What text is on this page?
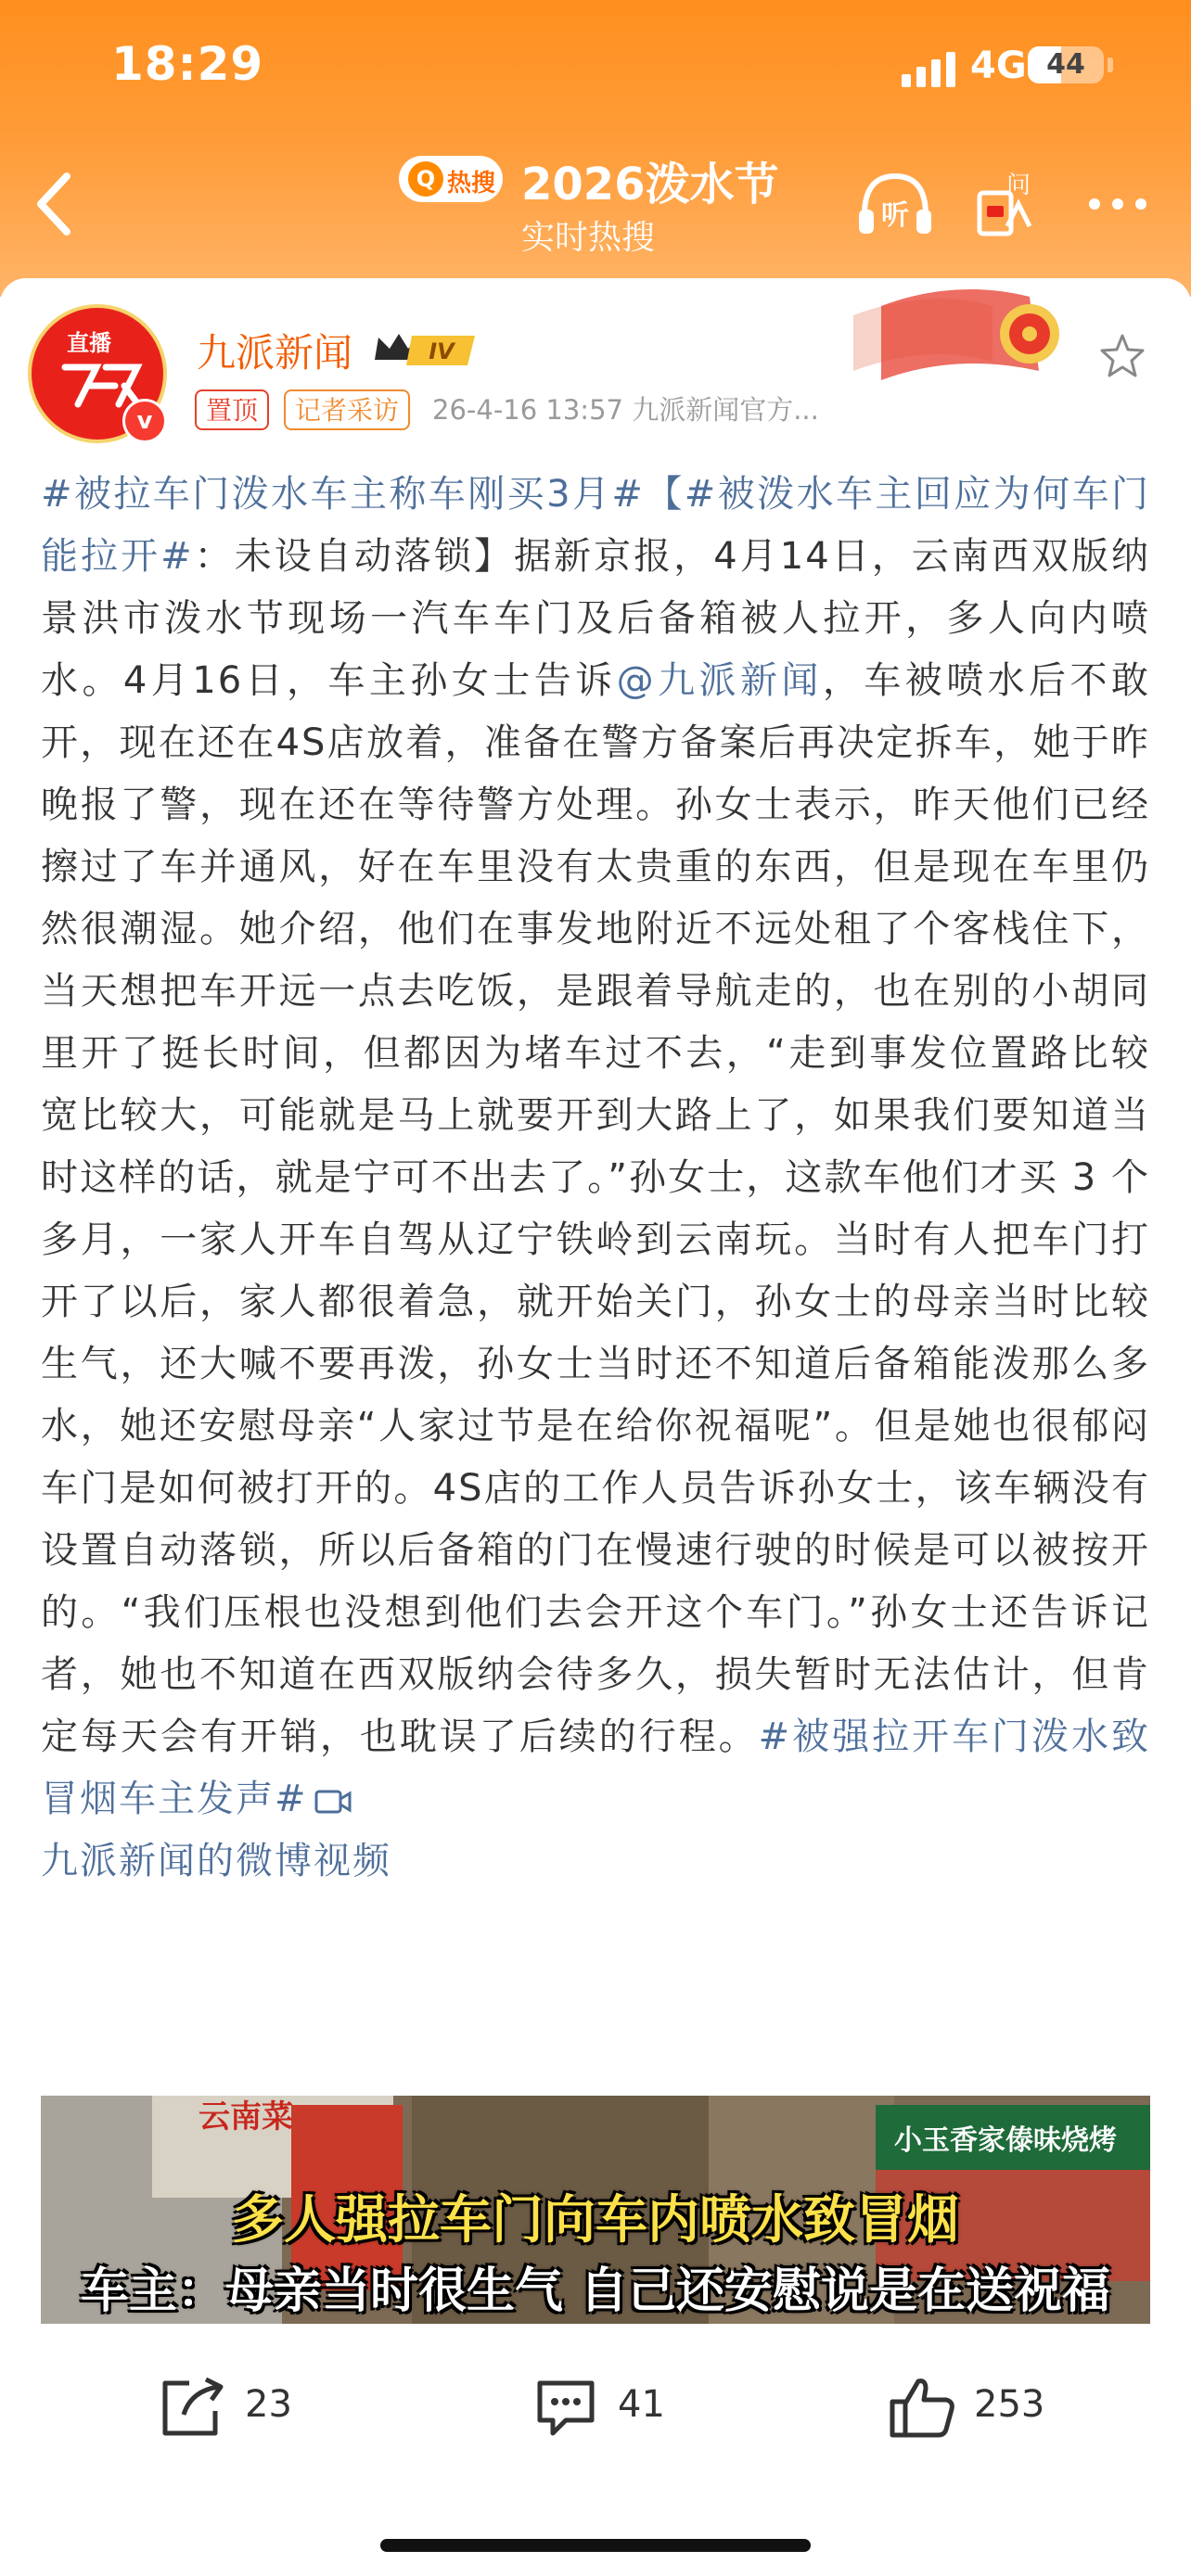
18:29	4G 44
Q 热搜 2026泼水节
实时热搜
听
问
直播
v
九派新闻	IV
置顶	记者采访	26-4-16 13:57 九派新闻官方...
#被拉车门泼水车主称车刚买3月#【#被泼水车主回应为何车门能拉开#：未设自动落锁】据新京报，4月14日，云南西双版纳景洪市泼水节现场一汽车车门及后备箱被人拉开，多人向内喷水。4月16日，车主孙女士告诉@九派新闻，车被喷水后不敢开，现在还在4S店放着，准备在警方备案后再决定拆车，她于昨晚报了警，现在还在等待警方处理。孙女士表示，昨天他们已经擦过了车并通风，好在车里没有太贵重的东西，但是现在车里仍然很潮湿。她介绍，他们在事发地附近不远处租了个客栈住下，当天想把车开远一点去吃饭，是跟着导航走的，也在别的小胡同里开了挺长时间，但都因为堵车过不去，“走到事发位置路比较宽比较大，可能就是马上就要开到大路上了，如果我们要知道当时这样的话，就是宁可不出去了。”孙女士，这款车他们才买 3 个多月，一家人开车自驾从辽宁铁岭到云南玩。当时有人把车门打开了以后，家人都很着急，就开始关门，孙女士的母亲当时比较生气，还大喊不要再泼，孙女士当时还不知道后备箱能泼那么多水，她还安慰母亲“人家过节是在给你祝福呢”。但是她也很郁闷车门是如何被打开的。4S店的工作人员告诉孙女士，该车辆没有设置自动落锁，所以后备箱的门在慢速行驶的时候是可以被按开的。“我们压根也没想到他们去会开这个车门。”孙女士还告诉记者，她也不知道在西双版纳会待多久，损失暂时无法估计，但肯定每天会有开销，也耽误了后续的行程。#被强拉开车门泼水致冒烟车主发声#
九派新闻的微博视频
云南菜
小玉香家傣味烧烤
多人强拉车门向车内喷水致冒烟
车主：母亲当时很生气 自己还安慰说是在送祝福
23	41	253
